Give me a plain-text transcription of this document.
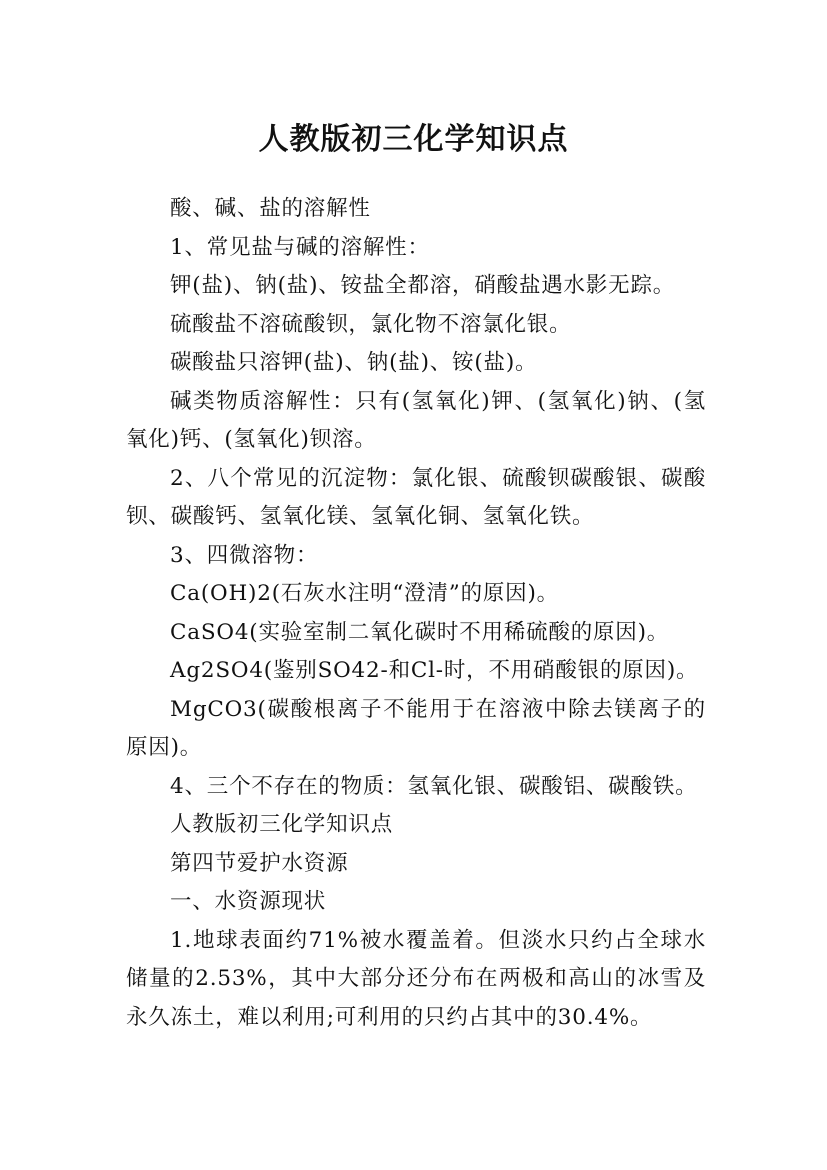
人教版初三化学知识点

酸、碱、盐的溶解性

1、常见盐与碱的溶解性：

钾(盐)、钠(盐)、铵盐全都溶，硝酸盐遇水影无踪。

硫酸盐不溶硫酸钡，氯化物不溶氯化银。

碳酸盐只溶钾(盐)、钠(盐)、铵(盐)。

碱类物质溶解性：只有(氢氧化)钾、(氢氧化)钠、(氢氧化)钙、(氢氧化)钡溶。

2、八个常见的沉淀物：氯化银、硫酸钡碳酸银、碳酸钡、碳酸钙、氢氧化镁、氢氧化铜、氢氧化铁。

3、四微溶物：

Ca(OH)2(石灰水注明“澄清”的原因)。

CaSO4(实验室制二氧化碳时不用稀硫酸的原因)。

Ag2SO4(鉴别SO42-和Cl-时，不用硝酸银的原因)。

MgCO3(碳酸根离子不能用于在溶液中除去镁离子的原因)。

4、三个不存在的物质：氢氧化银、碳酸铝、碳酸铁。

人教版初三化学知识点

第四节爱护水资源

一、水资源现状

1.地球表面约71%被水覆盖着。但淡水只约占全球水储量的2.53%，其中大部分还分布在两极和高山的冰雪及永久冻土，难以利用;可利用的只约占其中的30.4%。
